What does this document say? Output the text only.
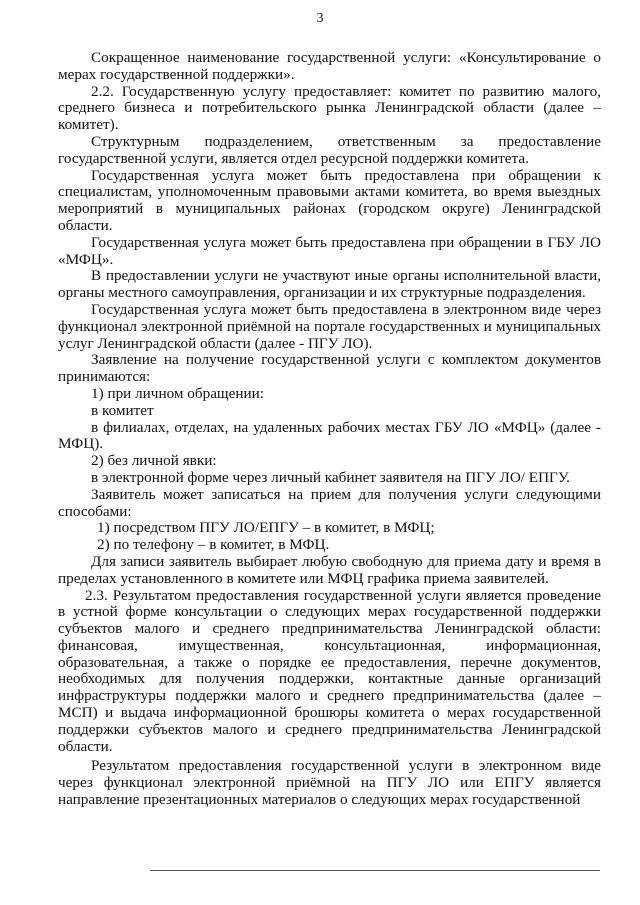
3

Сокращенное наименование государственной услуги: «Консультирование о мерах государственной поддержки».

2.2. Государственную услугу предоставляет: комитет по развитию малого, среднего бизнеса и потребительского рынка Ленинградской области (далее – комитет).

Структурным подразделением, ответственным за предоставление государственной услуги, является отдел ресурсной поддержки комитета.

Государственная услуга может быть предоставлена при обращении к специалистам, уполномоченным правовыми актами комитета, во время выездных мероприятий в муниципальных районах (городском округе) Ленинградской области.

Государственная услуга может быть предоставлена при обращении в ГБУ ЛО «МФЦ».

В предоставлении услуги не участвуют иные органы исполнительной власти, органы местного самоуправления, организации и их структурные подразделения.

Государственная услуга может быть предоставлена в электронном виде через функционал электронной приёмной на портале государственных и муниципальных услуг Ленинградской области (далее - ПГУ ЛО).

Заявление на получение государственной услуги с комплектом документов принимаются:

1) при личном обращении:

в комитет

в филиалах, отделах, на удаленных рабочих местах ГБУ ЛО «МФЦ» (далее - МФЦ).

2) без личной явки:

в электронной форме через личный кабинет заявителя на ПГУ ЛО/ ЕПГУ.

Заявитель может записаться на прием для получения услуги следующими способами:

1) посредством ПГУ ЛО/ЕПГУ – в комитет, в МФЦ;

2) по телефону – в комитет, в МФЦ.

Для записи заявитель выбирает любую свободную для приема дату и время в пределах установленного в комитете или МФЦ графика приема заявителей.

2.3. Результатом предоставления государственной услуги является проведение в устной форме консультации о следующих мерах государственной поддержки субъектов малого и среднего предпринимательства Ленинградской области: финансовая, имущественная, консультационная, информационная, образовательная, а также о порядке ее предоставления, перечне документов, необходимых для получения поддержки, контактные данные организаций инфраструктуры поддержки малого и среднего предпринимательства (далее – МСП) и выдача информационной брошюры комитета о мерах государственной поддержки субъектов малого и среднего предпринимательства Ленинградской области.

Результатом предоставления государственной услуги в электронном виде через функционал электронной приёмной на ПГУ ЛО или ЕПГУ является направление презентационных материалов о следующих мерах государственной
